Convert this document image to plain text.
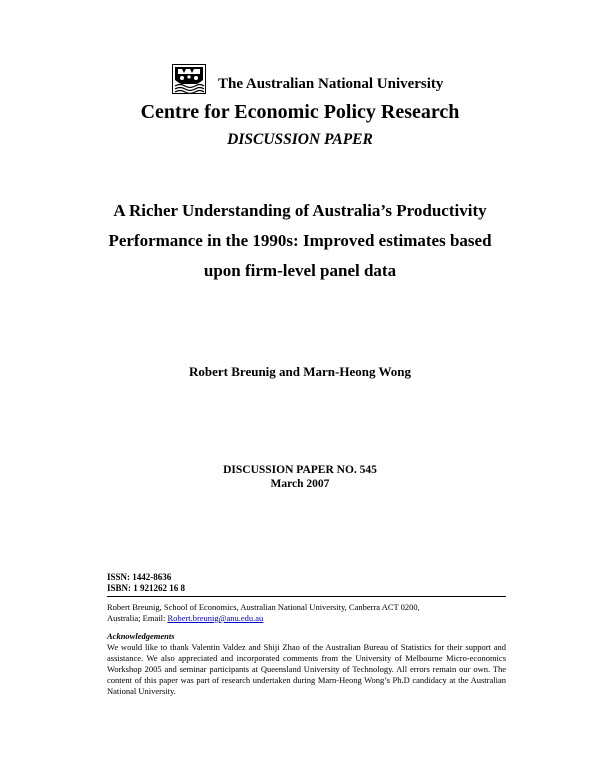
The Australian National University
Centre for Economic Policy Research
DISCUSSION PAPER
A Richer Understanding of Australia’s Productivity
Performance in the 1990s: Improved estimates based
upon firm-level panel data
Robert Breunig and Marn-Heong Wong
DISCUSSION PAPER NO. 545
March 2007
ISSN: 1442-8636
ISBN: 1 921262 16 8
Robert Breunig, School of Economics, Australian National University, Canberra ACT 0200,
Australia; Email: Robert.breunig@anu.edu.au
Acknowledgements
We would like to thank Valentin Valdez and Shiji Zhao of the Australian Bureau of Statistics for their support and assistance. We also appreciated and incorporated comments from the University of Melbourne Micro-economics Workshop 2005 and seminar participants at Queensland University of Technology. All errors remain our own. The content of this paper was part of research undertaken during Marn-Heong Wong’s Ph.D candidacy at the Australian National University.
